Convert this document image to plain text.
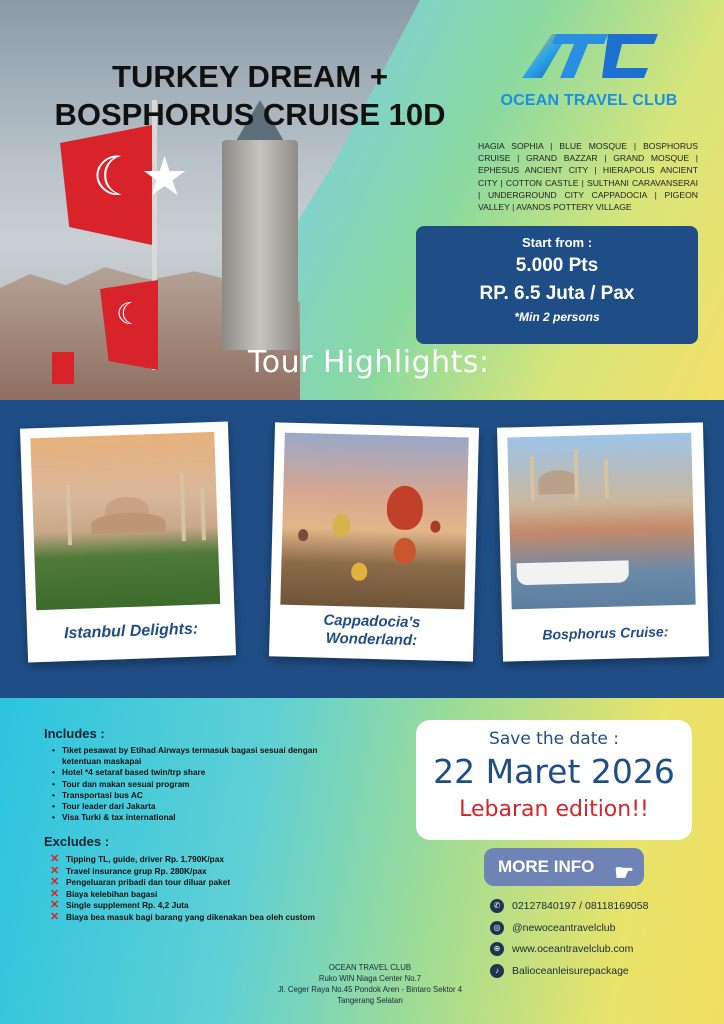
☾★
☾
TURKEY DREAM +
BOSPHORUS CRUISE 10D	OCEAN TRAVEL CLUB
HAGIA SOPHIA | BLUE MOSQUE | BOSPHORUS CRUISE | GRAND BAZZAR | GRAND MOSQUE | EPHESUS ANCIENT CITY | HIERAPOLIS ANCIENT CITY | COTTON CASTLE | SULTHANI CARAVANSERAI | UNDERGROUND CITY CAPPADOCIA | PIGEON VALLEY | AVANOS POTTERY VILLAGE
Start from :
5.000 Pts
RP. 6.5 Juta / Pax
*Min 2 persons
Tour Highlights:
Istanbul Delights:	Cappadocia's
Wonderland:	Bosphorus Cruise:
Includes :
• Tiket pesawat by Etihad Airways termasuk bagasi sesuai dengan ketentuan maskapai
• Hotel *4 setaraf based twin/trp share
• Tour dan makan sesuai program
• Transportasi bus AC
• Tour leader dari Jakarta
• Visa Turki & tax international
Excludes :
✕ Tipping TL, guide, driver Rp. 1.790K/pax
✕ Travel insurance grup Rp. 280K/pax
✕ Pengeluaran pribadi dan tour diluar paket
✕ Biaya kelebihan bagasi
✕ Single supplement Rp. 4,2 Juta
✕ Biaya bea masuk bagi barang yang dikenakan bea oleh custom
Save the date :
22 Maret 2026
Lebaran edition!!
MORE INFO ☛
✆	02127840197 / 08118169058
◎	@newoceantravelclub
⊕	www.oceantravelclub.com
♪	Balioceanleisurepackage
OCEAN TRAVEL CLUB
Ruko WIN Niaga Center No.7
Jl. Ceger Raya No.45 Pondok Aren - Bintaro Sektor 4
Tangerang Selatan
